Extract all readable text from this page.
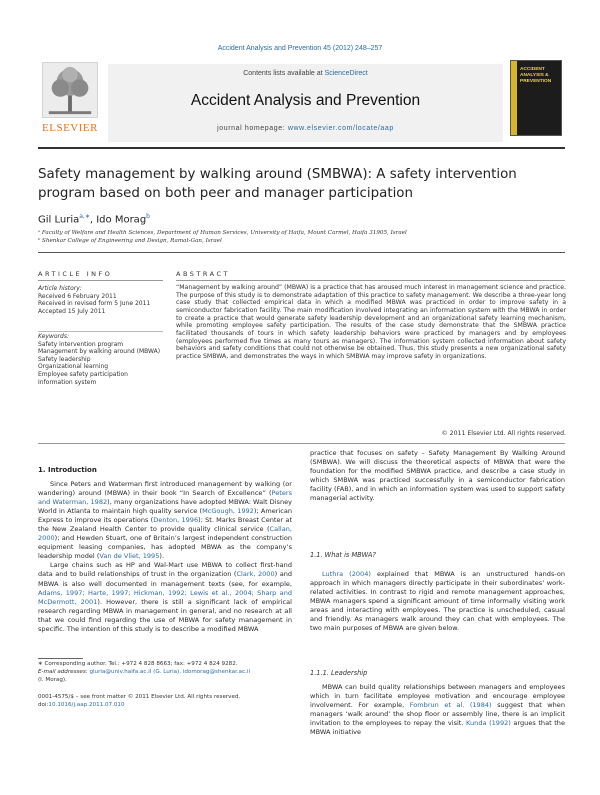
Accident Analysis and Prevention 45 (2012) 248–257
ELSEVIER
Contents lists available at ScienceDirect
Accident Analysis and Prevention
journal homepage: www.elsevier.com/locate/aap
ACCIDENT ANALYSIS & PREVENTION
Safety management by walking around (SMBWA): A safety intervention program based on both peer and manager participation
Gil Luria$^{a,∗}$, Ido Morag$^b$
ᵃ Faculty of Welfare and Health Sciences, Department of Human Services, University of Haifa, Mount Carmel, Haifa 31905, Israel
ᵇ Shenkar College of Engineering and Design, Ramat-Gan, Israel
ARTICLE INFO	ABSTRACT
Article history:
Received 6 February 2011
Received in revised form 5 June 2011
Accepted 15 July 2011
Keywords:
Safety intervention program
Management by walking around (MBWA)
Safety leadership
Organizational learning
Employee safety participation
Information system
“Management by walking around” (MBWA) is a practice that has aroused much interest in management science and practice. The purpose of this study is to demonstrate adaptation of this practice to safety management. We describe a three-year long case study that collected empirical data in which a modified MBWA was practiced in order to improve safety in a semiconductor fabrication facility. The main modification involved integrating an information system with the MBWA in order to create a practice that would generate safety leadership development and an organizational safety learning mechanism, while promoting employee safety participation. The results of the case study demonstrate that the SMBWA practice facilitated thousands of tours in which safety leadership behaviors were practiced by managers and by employees (employees performed five times as many tours as managers). The information system collected information about safety behaviors and safety conditions that could not otherwise be obtained. Thus, this study presents a new organizational safety practice SMBWA, and demonstrates the ways in which SMBWA may improve safety in organizations.
© 2011 Elsevier Ltd. All rights reserved.
1. Introduction

Since Peters and Waterman first introduced management by walking (or wandering) around (MBWA) in their book “In Search of Excellence” (Peters and Waterman, 1982), many organizations have adopted MBWA: Walt Disney World in Atlanta to maintain high quality service (McGough, 1992); American Express to improve its operations (Denton, 1996); St. Marks Breast Center at the New Zealand Health Center to provide quality clinical service (Callan, 2000); and Hewden Stuart, one of Britain’s largest independent construction equipment leasing companies, has adopted MBWA as the company’s leadership model (Van de Vliet, 1995).

Large chains such as HP and Wal-Mart use MBWA to collect first-hand data and to build relationships of trust in the organization (Clark, 2000) and MBWA is also well documented in management texts (see, for example, Adams, 1997; Harte, 1997; Hickman, 1992; Lewis et al., 2004; Sharp and McDermott, 2001). However, there is still a significant lack of empirical research regarding MBWA in management in general, and no research at all that we could find regarding the use of MBWA for safety management in specific. The intention of this study is to describe a modified MBWA

practice that focuses on safety – Safety Management By Walking Around (SMBWA). We will discuss the theoretical aspects of MBWA that were the foundation for the modified SMBWA practice, and describe a case study in which SMBWA was practiced successfully in a semiconductor fabrication facility (FAB), and in which an information system was used to support safety managerial activity.
1.1. What is MBWA?

Luthra (2004) explained that MBWA is an unstructured hands-on approach in which managers directly participate in their subordinates’ work-related activities. In contrast to rigid and remote management approaches, MBWA managers spend a significant amount of time informally visiting work areas and interacting with employees. The practice is unscheduled, casual and friendly. As managers walk around they can chat with employees. The two main purposes of MBWA are given below.

1.1.1. Leadership

MBWA can build quality relationships between managers and employees which in turn facilitate employee motivation and encourage employee involvement. For example, Fombrun et al. (1984) suggest that when managers ‘walk around’ the shop floor or assembly line, there is an implicit invitation to the employees to repay the visit. Kunda (1992) argues that the MBWA initiative

∗ Corresponding author. Tel.: +972 4 828 8663; fax: +972 4 824 9282.
E-mail addresses: gluria@univ.haifa.ac.il (G. Luria), idomorag@shenkar.ac.il
(I. Morag).
0001-4575/$ – see front matter © 2011 Elsevier Ltd. All rights reserved.
doi:10.1016/j.aap.2011.07.010
